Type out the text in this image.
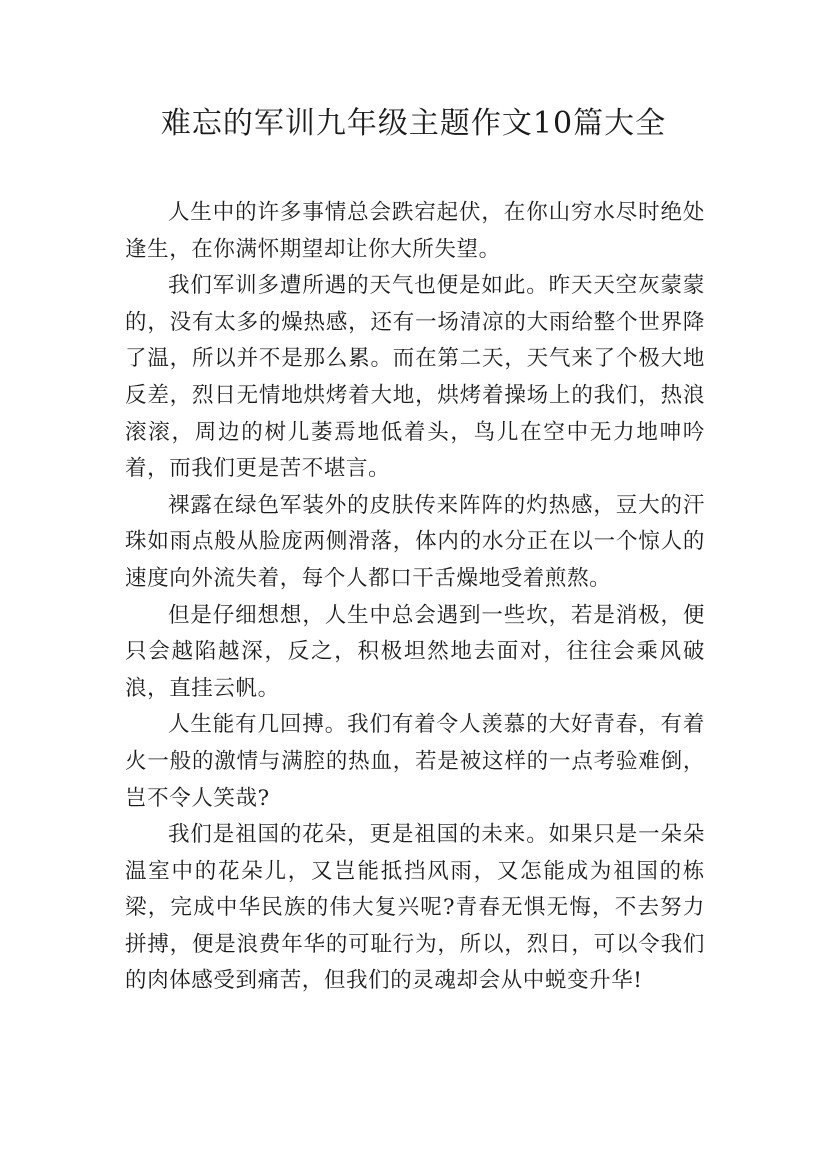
难忘的军训九年级主题作文10篇大全

人生中的许多事情总会跌宕起伏，在你山穷水尽时绝处逢生，在你满怀期望却让你大所失望。

我们军训多遭所遇的天气也便是如此。昨天天空灰蒙蒙的，没有太多的燥热感，还有一场清凉的大雨给整个世界降了温，所以并不是那么累。而在第二天，天气来了个极大地反差，烈日无情地烘烤着大地，烘烤着操场上的我们，热浪滚滚，周边的树儿萎焉地低着头，鸟儿在空中无力地呻吟着，而我们更是苦不堪言。

裸露在绿色军装外的皮肤传来阵阵的灼热感，豆大的汗珠如雨点般从脸庞两侧滑落，体内的水分正在以一个惊人的速度向外流失着，每个人都口干舌燥地受着煎熬。

但是仔细想想，人生中总会遇到一些坎，若是消极，便只会越陷越深，反之，积极坦然地去面对，往往会乘风破浪，直挂云帆。

人生能有几回搏。我们有着令人羡慕的大好青春，有着火一般的激情与满腔的热血，若是被这样的一点考验难倒，岂不令人笑哉?

我们是祖国的花朵，更是祖国的未来。如果只是一朵朵温室中的花朵儿，又岂能抵挡风雨，又怎能成为祖国的栋梁，完成中华民族的伟大复兴呢?青春无惧无悔，不去努力拼搏，便是浪费年华的可耻行为，所以，烈日，可以令我们的肉体感受到痛苦，但我们的灵魂却会从中蜕变升华!
